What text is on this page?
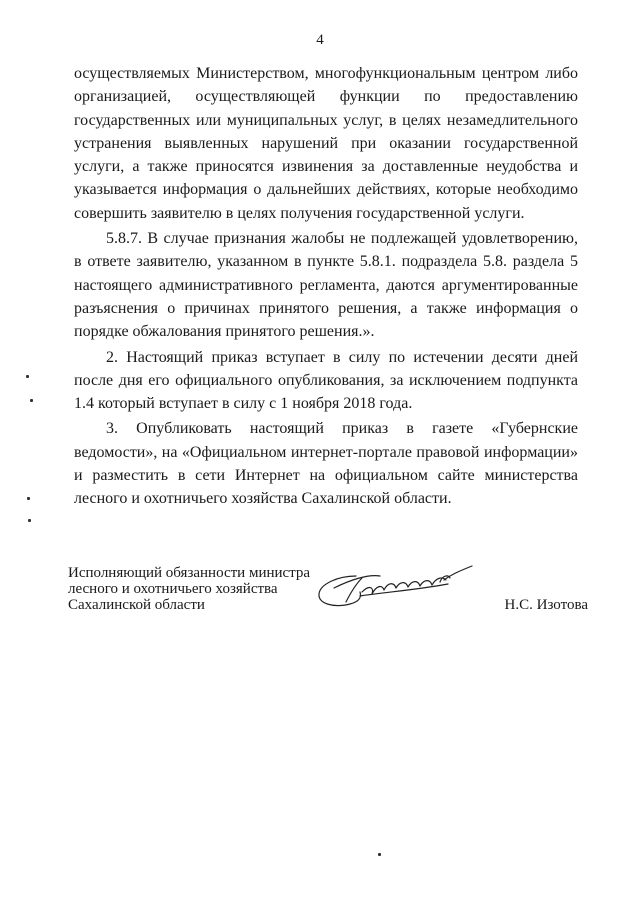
4

осуществляемых Министерством, многофункциональным центром либо организацией, осуществляющей функции по предоставлению государственных или муниципальных услуг, в целях незамедлительного устранения выявленных нарушений при оказании государственной услуги, а также приносятся извинения за доставленные неудобства и указывается информация о дальнейших действиях, которые необходимо совершить заявителю в целях получения государственной услуги.

5.8.7. В случае признания жалобы не подлежащей удовлетворению, в ответе заявителю, указанном в пункте 5.8.1. подраздела 5.8. раздела 5 настоящего административного регламента, даются аргументированные разъяснения о причинах принятого решения, а также информация о порядке обжалования принятого решения.».

2. Настоящий приказ вступает в силу по истечении десяти дней после дня его официального опубликования, за исключением подпункта 1.4 который вступает в силу с 1 ноября 2018 года.

3. Опубликовать настоящий приказ в газете «Губернские ведомости», на «Официальном интернет-портале правовой информации» и разместить в сети Интернет на официальном сайте министерства лесного и охотничьего хозяйства Сахалинской области.

Исполняющий обязанности министра
лесного и охотничьего хозяйства
Сахалинской области	Н.С. Изотова
